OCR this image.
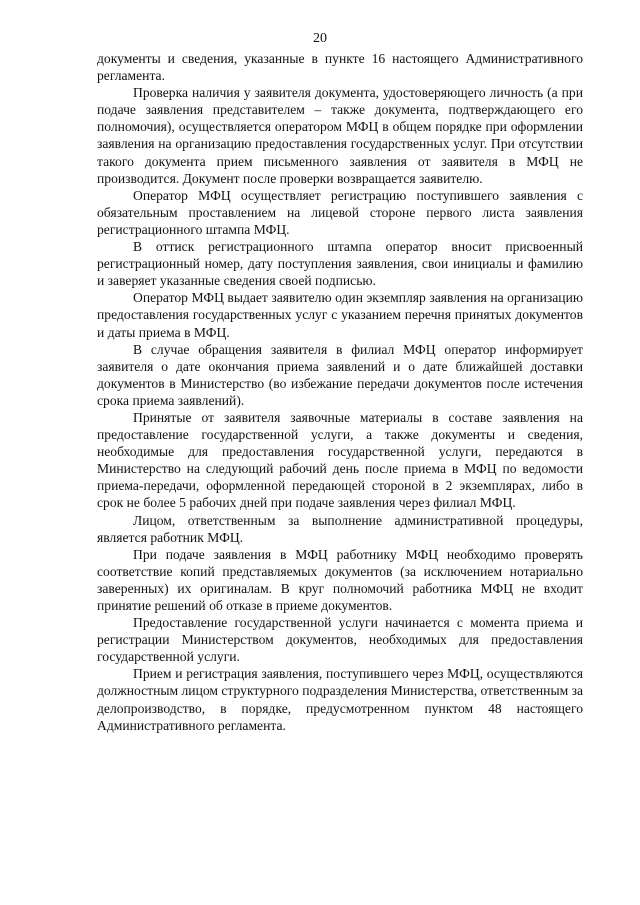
20

документы и сведения, указанные в пункте 16 настоящего Административного регламента.

Проверка наличия у заявителя документа, удостоверяющего личность (а при подаче заявления представителем – также документа, подтверждающего его полномочия), осуществляется оператором МФЦ в общем порядке при оформлении заявления на организацию предоставления государственных услуг. При отсутствии такого документа прием письменного заявления от заявителя в МФЦ не производится. Документ после проверки возвращается заявителю.

Оператор МФЦ осуществляет регистрацию поступившего заявления с обязательным проставлением на лицевой стороне первого листа заявления регистрационного штампа МФЦ.

В оттиск регистрационного штампа оператор вносит присвоенный регистрационный номер, дату поступления заявления, свои инициалы и фамилию и заверяет указанные сведения своей подписью.

Оператор МФЦ выдает заявителю один экземпляр заявления на организацию предоставления государственных услуг с указанием перечня принятых документов и даты приема в МФЦ.

В случае обращения заявителя в филиал МФЦ оператор информирует заявителя о дате окончания приема заявлений и о дате ближайшей доставки документов в Министерство (во избежание передачи документов после истечения срока приема заявлений).

Принятые от заявителя заявочные материалы в составе заявления на предоставление государственной услуги, а также документы и сведения, необходимые для предоставления государственной услуги, передаются в Министерство на следующий рабочий день после приема в МФЦ по ведомости приема-передачи, оформленной передающей стороной в 2 экземплярах, либо в срок не более 5 рабочих дней при подаче заявления через филиал МФЦ.

Лицом, ответственным за выполнение административной процедуры, является работник МФЦ.

При подаче заявления в МФЦ работнику МФЦ необходимо проверять соответствие копий представляемых документов (за исключением нотариально заверенных) их оригиналам. В круг полномочий работника МФЦ не входит принятие решений об отказе в приеме документов.

Предоставление государственной услуги начинается с момента приема и регистрации Министерством документов, необходимых для предоставления государственной услуги.

Прием и регистрация заявления, поступившего через МФЦ, осуществляются должностным лицом структурного подразделения Министерства, ответственным за делопроизводство, в порядке, предусмотренном пунктом 48 настоящего Административного регламента.
